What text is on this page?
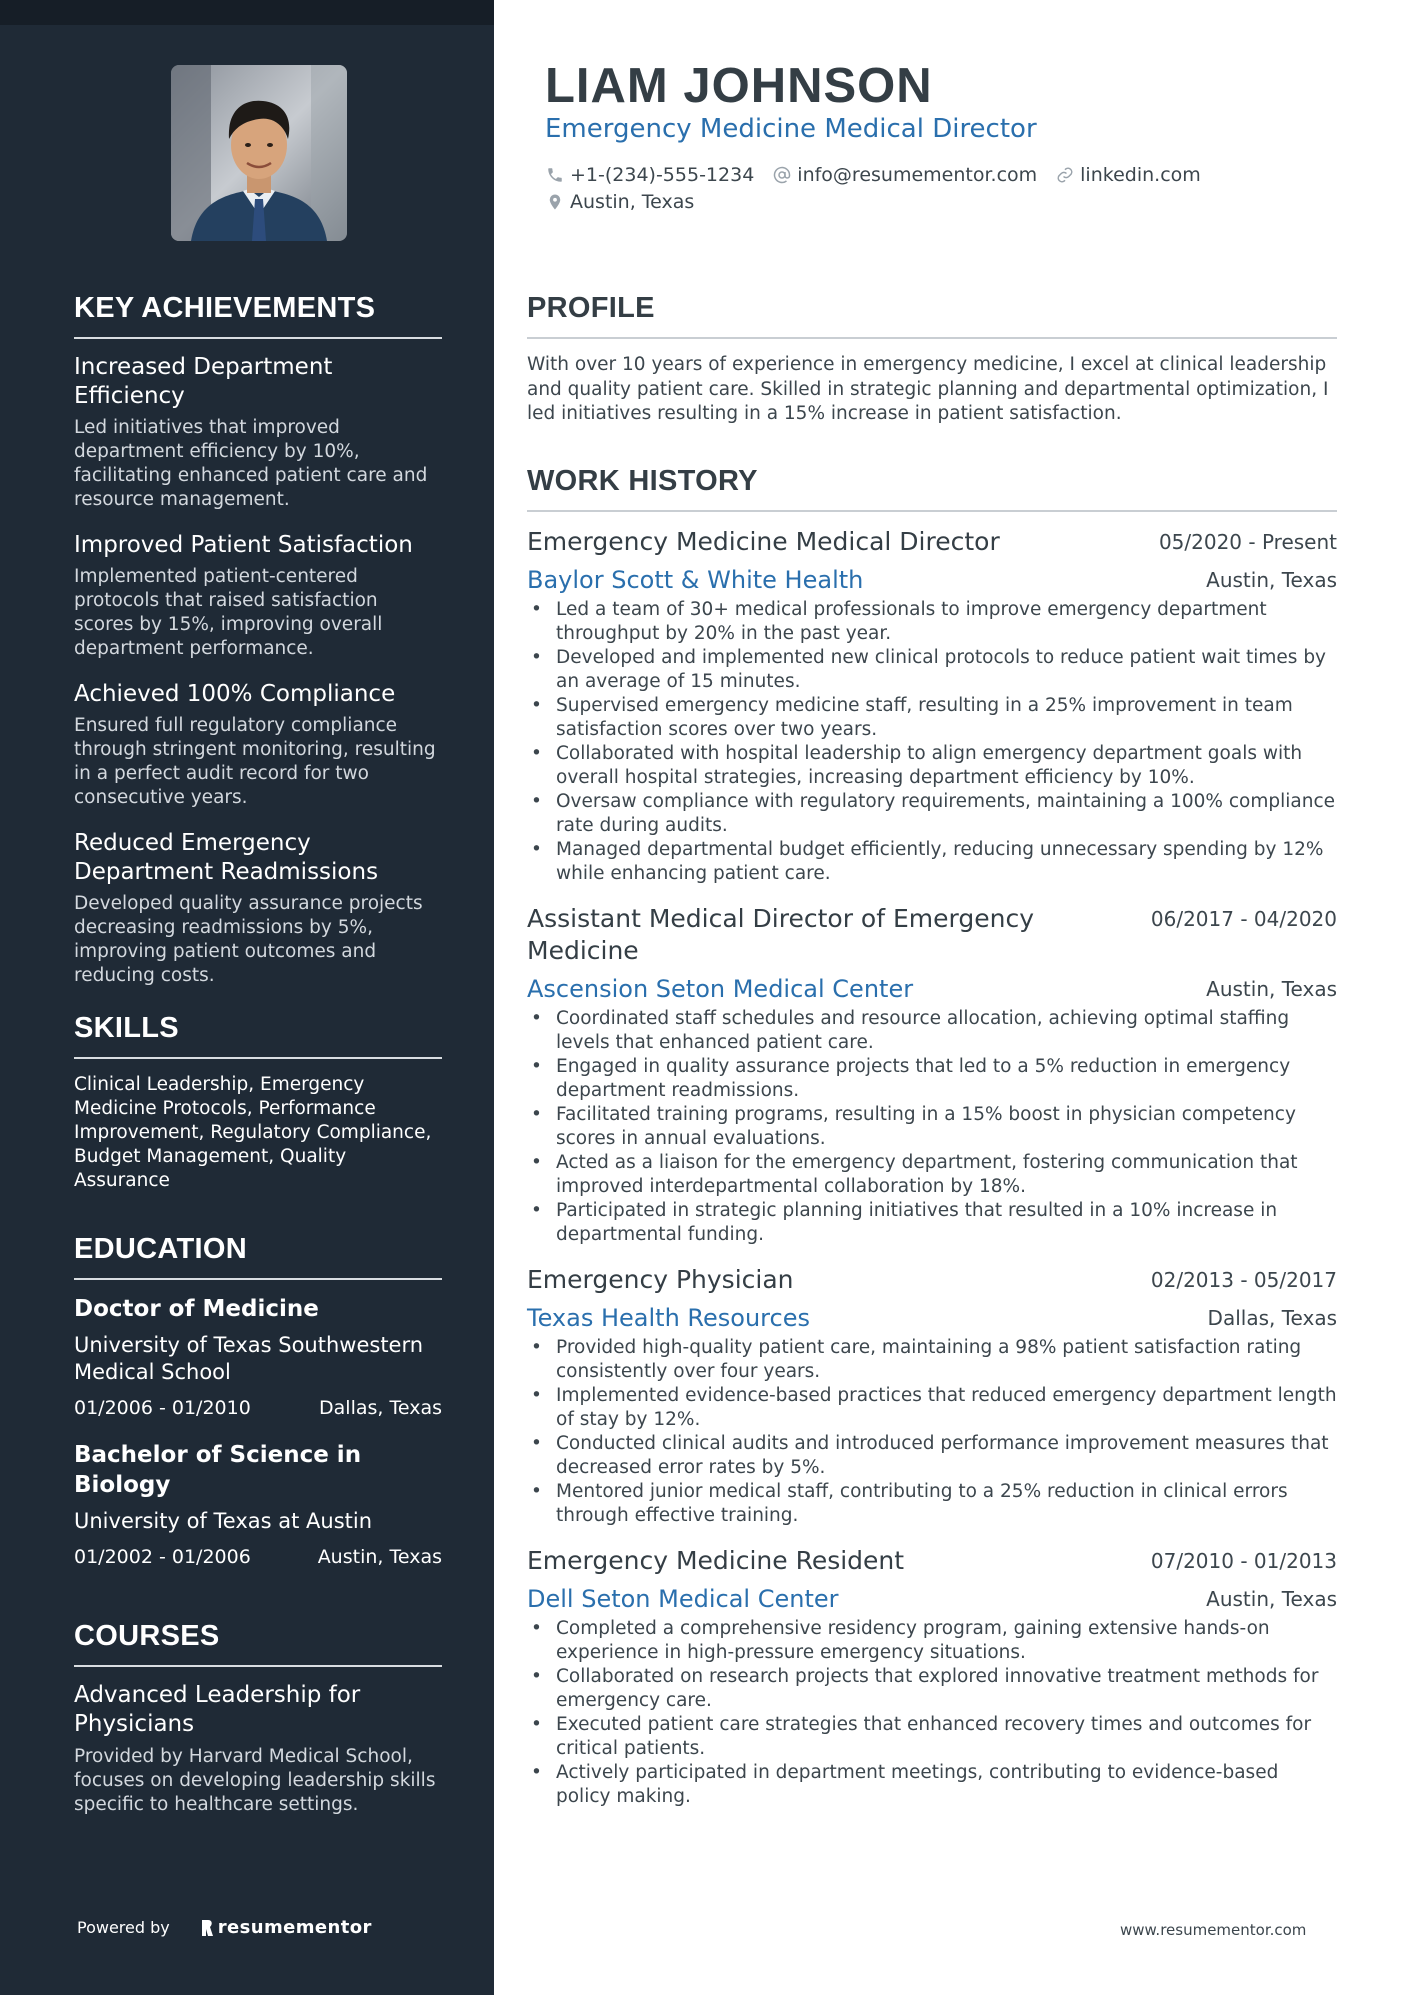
KEY ACHIEVEMENTS
Increased Department Efficiency
Led initiatives that improved department efficiency by 10%, facilitating enhanced patient care and resource management.
Improved Patient Satisfaction
Implemented patient-centered protocols that raised satisfaction scores by 15%, improving overall department performance.
Achieved 100% Compliance
Ensured full regulatory compliance through stringent monitoring, resulting in a perfect audit record for two consecutive years.
Reduced Emergency Department Readmissions
Developed quality assurance projects decreasing readmissions by 5%, improving patient outcomes and reducing costs.
SKILLS
Clinical Leadership, Emergency Medicine Protocols, Performance Improvement, Regulatory Compliance, Budget Management, Quality Assurance
EDUCATION
Doctor of Medicine
University of Texas Southwestern Medical School
01/2006 - 01/2010	Dallas, Texas
Bachelor of Science in Biology
University of Texas at Austin
01/2002 - 01/2006	Austin, Texas
COURSES
Advanced Leadership for Physicians
Provided by Harvard Medical School, focuses on developing leadership skills specific to healthcare settings.
Powered by	resumementor
LIAM JOHNSON
Emergency Medicine Medical Director
+1-(234)-555-1234 info@resumementor.com linkedin.com
Austin, Texas
PROFILE

With over 10 years of experience in emergency medicine, I excel at clinical leadership and quality patient care. Skilled in strategic planning and departmental optimization, I led initiatives resulting in a 15% increase in patient satisfaction.

WORK HISTORY
Emergency Medicine Medical Director	05/2020 - Present
Baylor Scott & White Health	Austin, Texas
• Led a team of 30+ medical professionals to improve emergency department throughput by 20% in the past year.
• Developed and implemented new clinical protocols to reduce patient wait times by an average of 15 minutes.
• Supervised emergency medicine staff, resulting in a 25% improvement in team satisfaction scores over two years.
• Collaborated with hospital leadership to align emergency department goals with overall hospital strategies, increasing department efficiency by 10%.
• Oversaw compliance with regulatory requirements, maintaining a 100% compliance rate during audits.
• Managed departmental budget efficiently, reducing unnecessary spending by 12% while enhancing patient care.
Assistant Medical Director of Emergency Medicine
06/2017 - 04/2020
Ascension Seton Medical Center	Austin, Texas
• Coordinated staff schedules and resource allocation, achieving optimal staffing levels that enhanced patient care.
• Engaged in quality assurance projects that led to a 5% reduction in emergency department readmissions.
• Facilitated training programs, resulting in a 15% boost in physician competency scores in annual evaluations.
• Acted as a liaison for the emergency department, fostering communication that improved interdepartmental collaboration by 18%.
• Participated in strategic planning initiatives that resulted in a 10% increase in departmental funding.
Emergency Physician	02/2013 - 05/2017
Texas Health Resources	Dallas, Texas
• Provided high-quality patient care, maintaining a 98% patient satisfaction rating consistently over four years.
• Implemented evidence-based practices that reduced emergency department length of stay by 12%.
• Conducted clinical audits and introduced performance improvement measures that decreased error rates by 5%.
• Mentored junior medical staff, contributing to a 25% reduction in clinical errors through effective training.
Emergency Medicine Resident	07/2010 - 01/2013
Dell Seton Medical Center	Austin, Texas
• Completed a comprehensive residency program, gaining extensive hands-on experience in high-pressure emergency situations.
• Collaborated on research projects that explored innovative treatment methods for emergency care.
• Executed patient care strategies that enhanced recovery times and outcomes for critical patients.
• Actively participated in department meetings, contributing to evidence-based policy making.
www.resumementor.com
